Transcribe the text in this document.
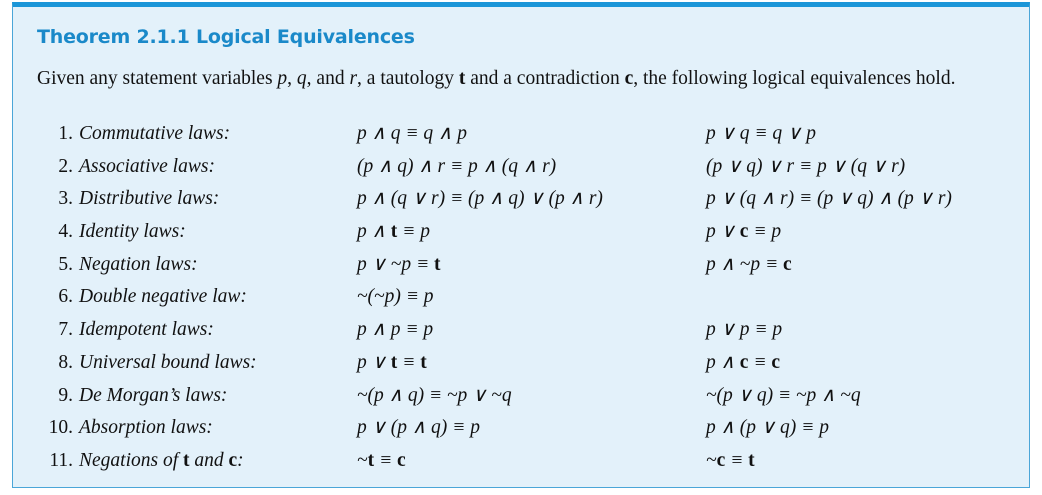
Theorem 2.1.1 Logical Equivalences

Given any statement variables p, q, and r, a tautology t and a contradiction c, the following logical equivalences hold.

1. Commutative laws:	p ∧ q ≡ q ∧ p	p ∨ q ≡ q ∨ p
2. Associative laws:	(p ∧ q) ∧ r ≡ p ∧ (q ∧ r)	(p ∨ q) ∨ r ≡ p ∨ (q ∨ r)
3. Distributive laws:	p ∧ (q ∨ r) ≡ (p ∧ q) ∨ (p ∧ r)	p ∨ (q ∧ r) ≡ (p ∨ q) ∧ (p ∨ r)
4. Identity laws:	p ∧ t ≡ p	p ∨ c ≡ p
5. Negation laws:	p ∨ ~p ≡ t	p ∧ ~p ≡ c
6. Double negative law:	~(~p) ≡ p
7. Idempotent laws:	p ∧ p ≡ p	p ∨ p ≡ p
8. Universal bound laws:	p ∨ t ≡ t	p ∧ c ≡ c
9. De Morgan’s laws:	~(p ∧ q) ≡ ~p ∨ ~q	~(p ∨ q) ≡ ~p ∧ ~q
10. Absorption laws:	p ∨ (p ∧ q) ≡ p	p ∧ (p ∨ q) ≡ p
11. Negations of t and c:	~t ≡ c	~c ≡ t
